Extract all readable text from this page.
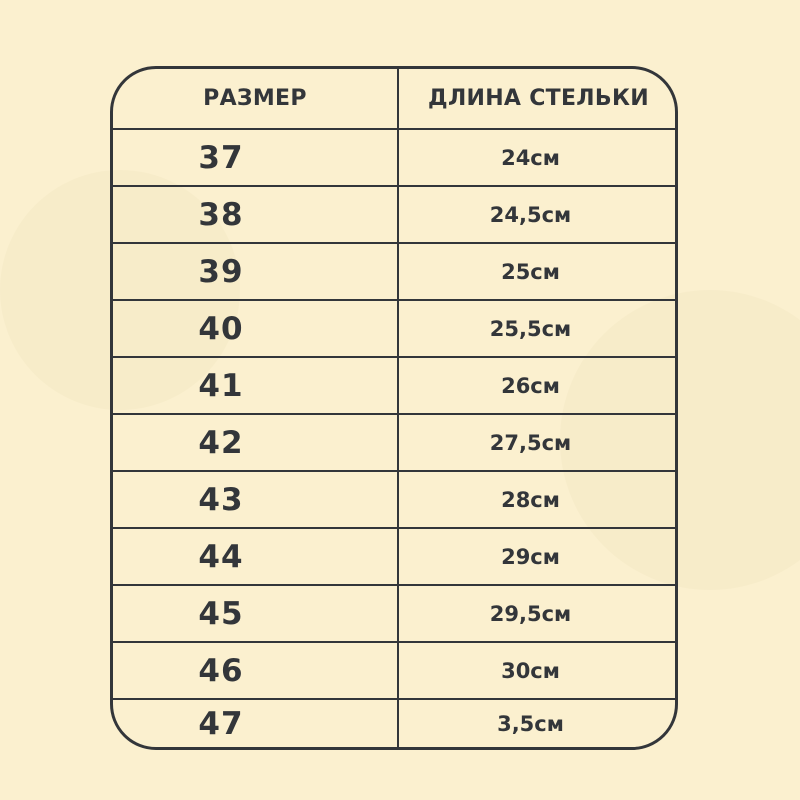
РАЗМЕР	ДЛИНА СТЕЛЬКИ
37	24см
38	24,5см
39	25см
40	25,5см
41	26см
42	27,5см
43	28см
44	29см
45	29,5см
46	30см
47	3,5см
